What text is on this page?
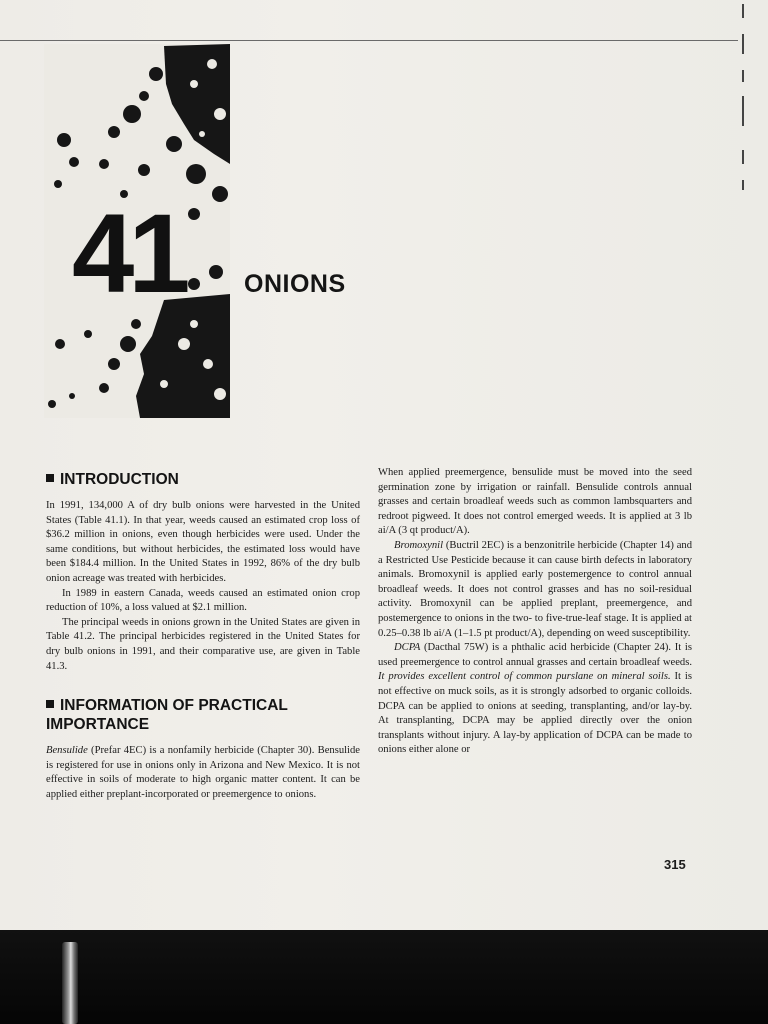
41 ONIONS
INTRODUCTION

In 1991, 134,000 A of dry bulb onions were harvested in the United States (Table 41.1). In that year, weeds caused an estimated crop loss of $36.2 million in onions, even though herbicides were used. Under the same conditions, but without herbicides, the estimated loss would have been $184.4 million. In the United States in 1992, 86% of the dry bulb onion acreage was treated with herbicides.

In 1989 in eastern Canada, weeds caused an estimated onion crop reduction of 10%, a loss valued at $2.1 million.

The principal weeds in onions grown in the United States are given in Table 41.2. The principal herbicides registered in the United States for dry bulb onions in 1991, and their comparative use, are given in Table 41.3.

INFORMATION OF PRACTICAL IMPORTANCE

Bensulide (Prefar 4EC) is a nonfamily herbicide (Chapter 30). Bensulide is registered for use in onions only in Arizona and New Mexico. It is not effective in soils of moderate to high organic matter content. It can be applied either preplant-incorporated or preemergence to onions.

When applied preemergence, bensulide must be moved into the seed germination zone by irrigation or rainfall. Bensulide controls annual grasses and certain broadleaf weeds such as common lambsquarters and redroot pigweed. It does not control emerged weeds. It is applied at 3 lb ai/A (3 qt product/A).

Bromoxynil (Buctril 2EC) is a benzonitrile herbicide (Chapter 14) and a Restricted Use Pesticide because it can cause birth defects in laboratory animals. Bromoxynil is applied early postemergence to control annual broadleaf weeds. It does not control grasses and has no soil-residual activity. Bromoxynil can be applied preplant, preemergence, and postemergence to onions in the two- to five-true-leaf stage. It is applied at 0.25–0.38 lb ai/A (1–1.5 pt product/A), depending on weed susceptibility.

DCPA (Dacthal 75W) is a phthalic acid herbicide (Chapter 24). It is used preemergence to control annual grasses and certain broadleaf weeds. It provides excellent control of common purslane on mineral soils. It is not effective on muck soils, as it is strongly adsorbed to organic colloids. DCPA can be applied to onions at seeding, transplanting, and/or lay-by. At transplanting, DCPA may be applied directly over the onion transplants without injury. A lay-by application of DCPA can be made to onions either alone or

315
